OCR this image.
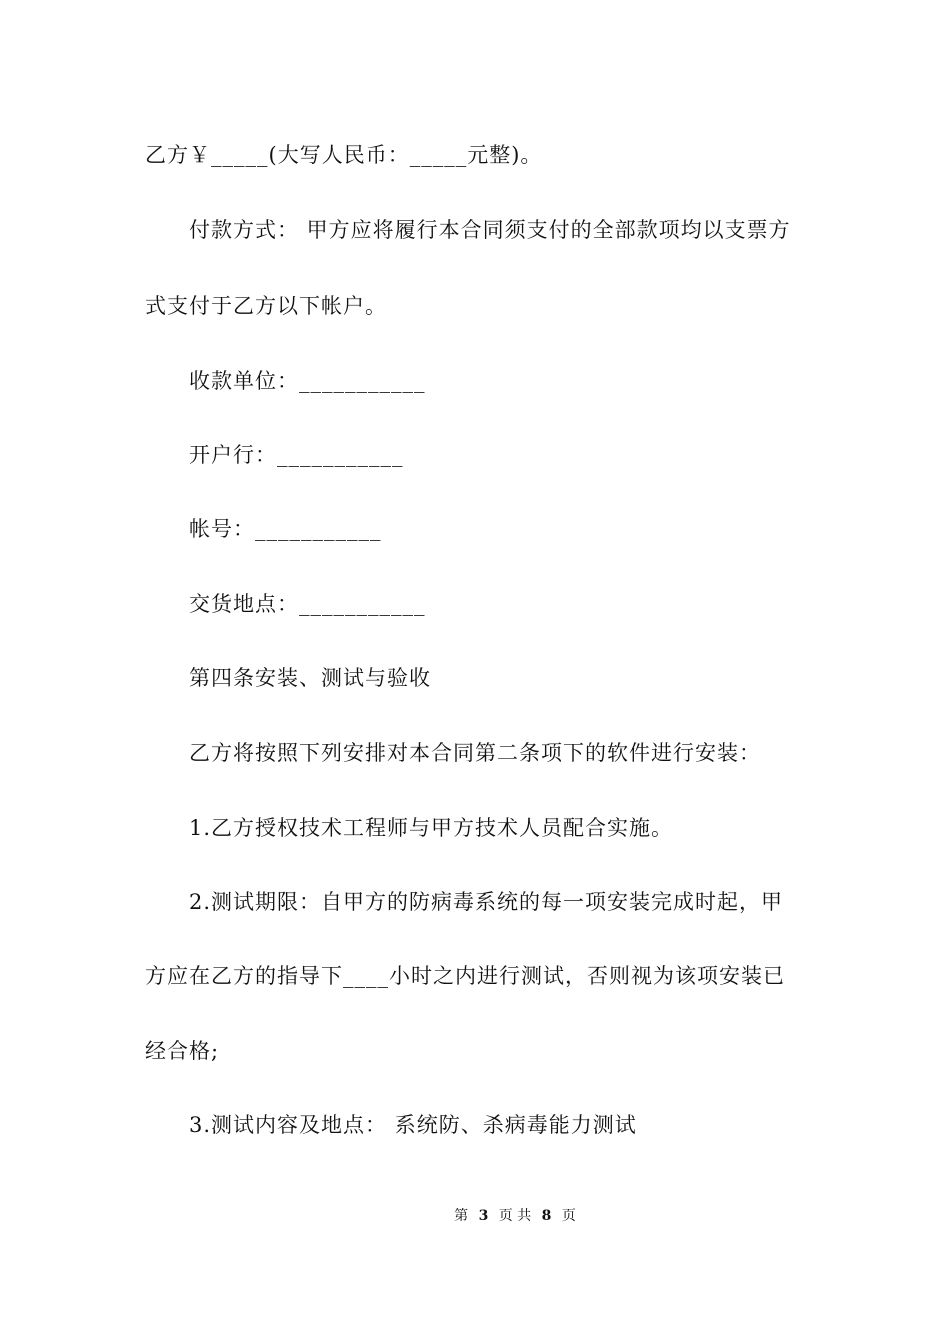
乙方￥_____(大写人民币：_____元整)。
付款方式： 甲方应将履行本合同须支付的全部款项均以支票方
式支付于乙方以下帐户。
收款单位：___________
开户行：___________
帐号：___________
交货地点：___________
第四条安装、测试与验收
乙方将按照下列安排对本合同第二条项下的软件进行安装：
1.乙方授权技术工程师与甲方技术人员配合实施。
2.测试期限：自甲方的防病毒系统的每一项安装完成时起，甲
方应在乙方的指导下____小时之内进行测试，否则视为该项安装已
经合格;
3.测试内容及地点： 系统防、杀病毒能力测试
第 3 页 共 8 页
